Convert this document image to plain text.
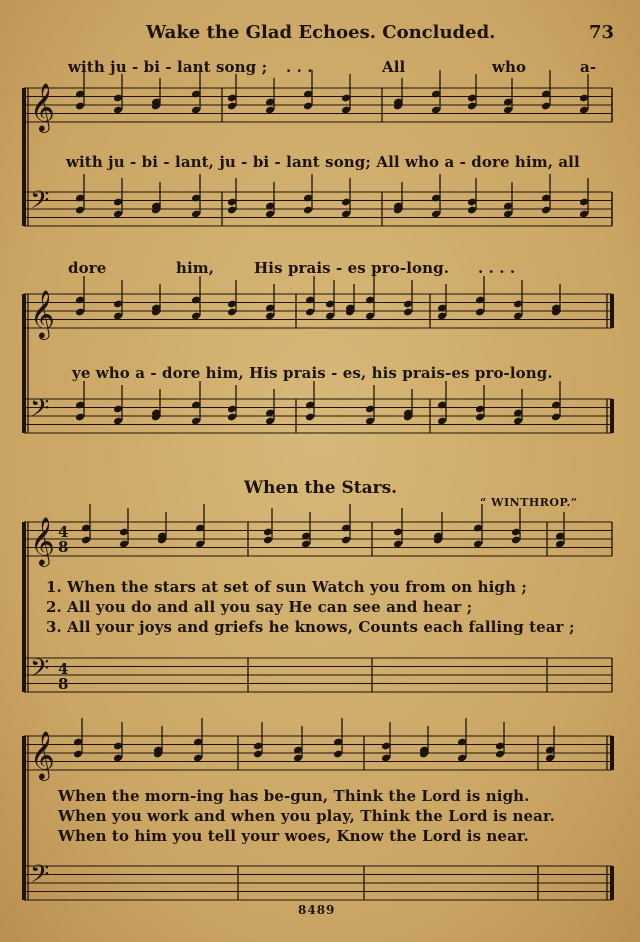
Wake the Glad Echoes. Concluded.	73
with ju - bi - lant song ; . . .	All	who	a-
with ju - bi - lant, ju - bi - lant song; All who a - dore him, all
dore	him,	His prais - es pro-long. . . . .
ye who a - dore him, His prais - es, his prais-es pro-long.
When the Stars.
“ WINTHROP.”
1. When the stars at set of sun Watch you from on high ;
2. All you do and all you say He can see and hear ;
3. All your joys and griefs he knows, Counts each falling tear ;
When the morn-ing has be-gun, Think the Lord is nigh.
When you work and when you play, Think the Lord is near.
When to him you tell your woes, Know the Lord is near.
8489
𝄞
𝄢
𝄞
𝄢
𝄞
𝄢
𝄞
𝄢
4
8
4
8
